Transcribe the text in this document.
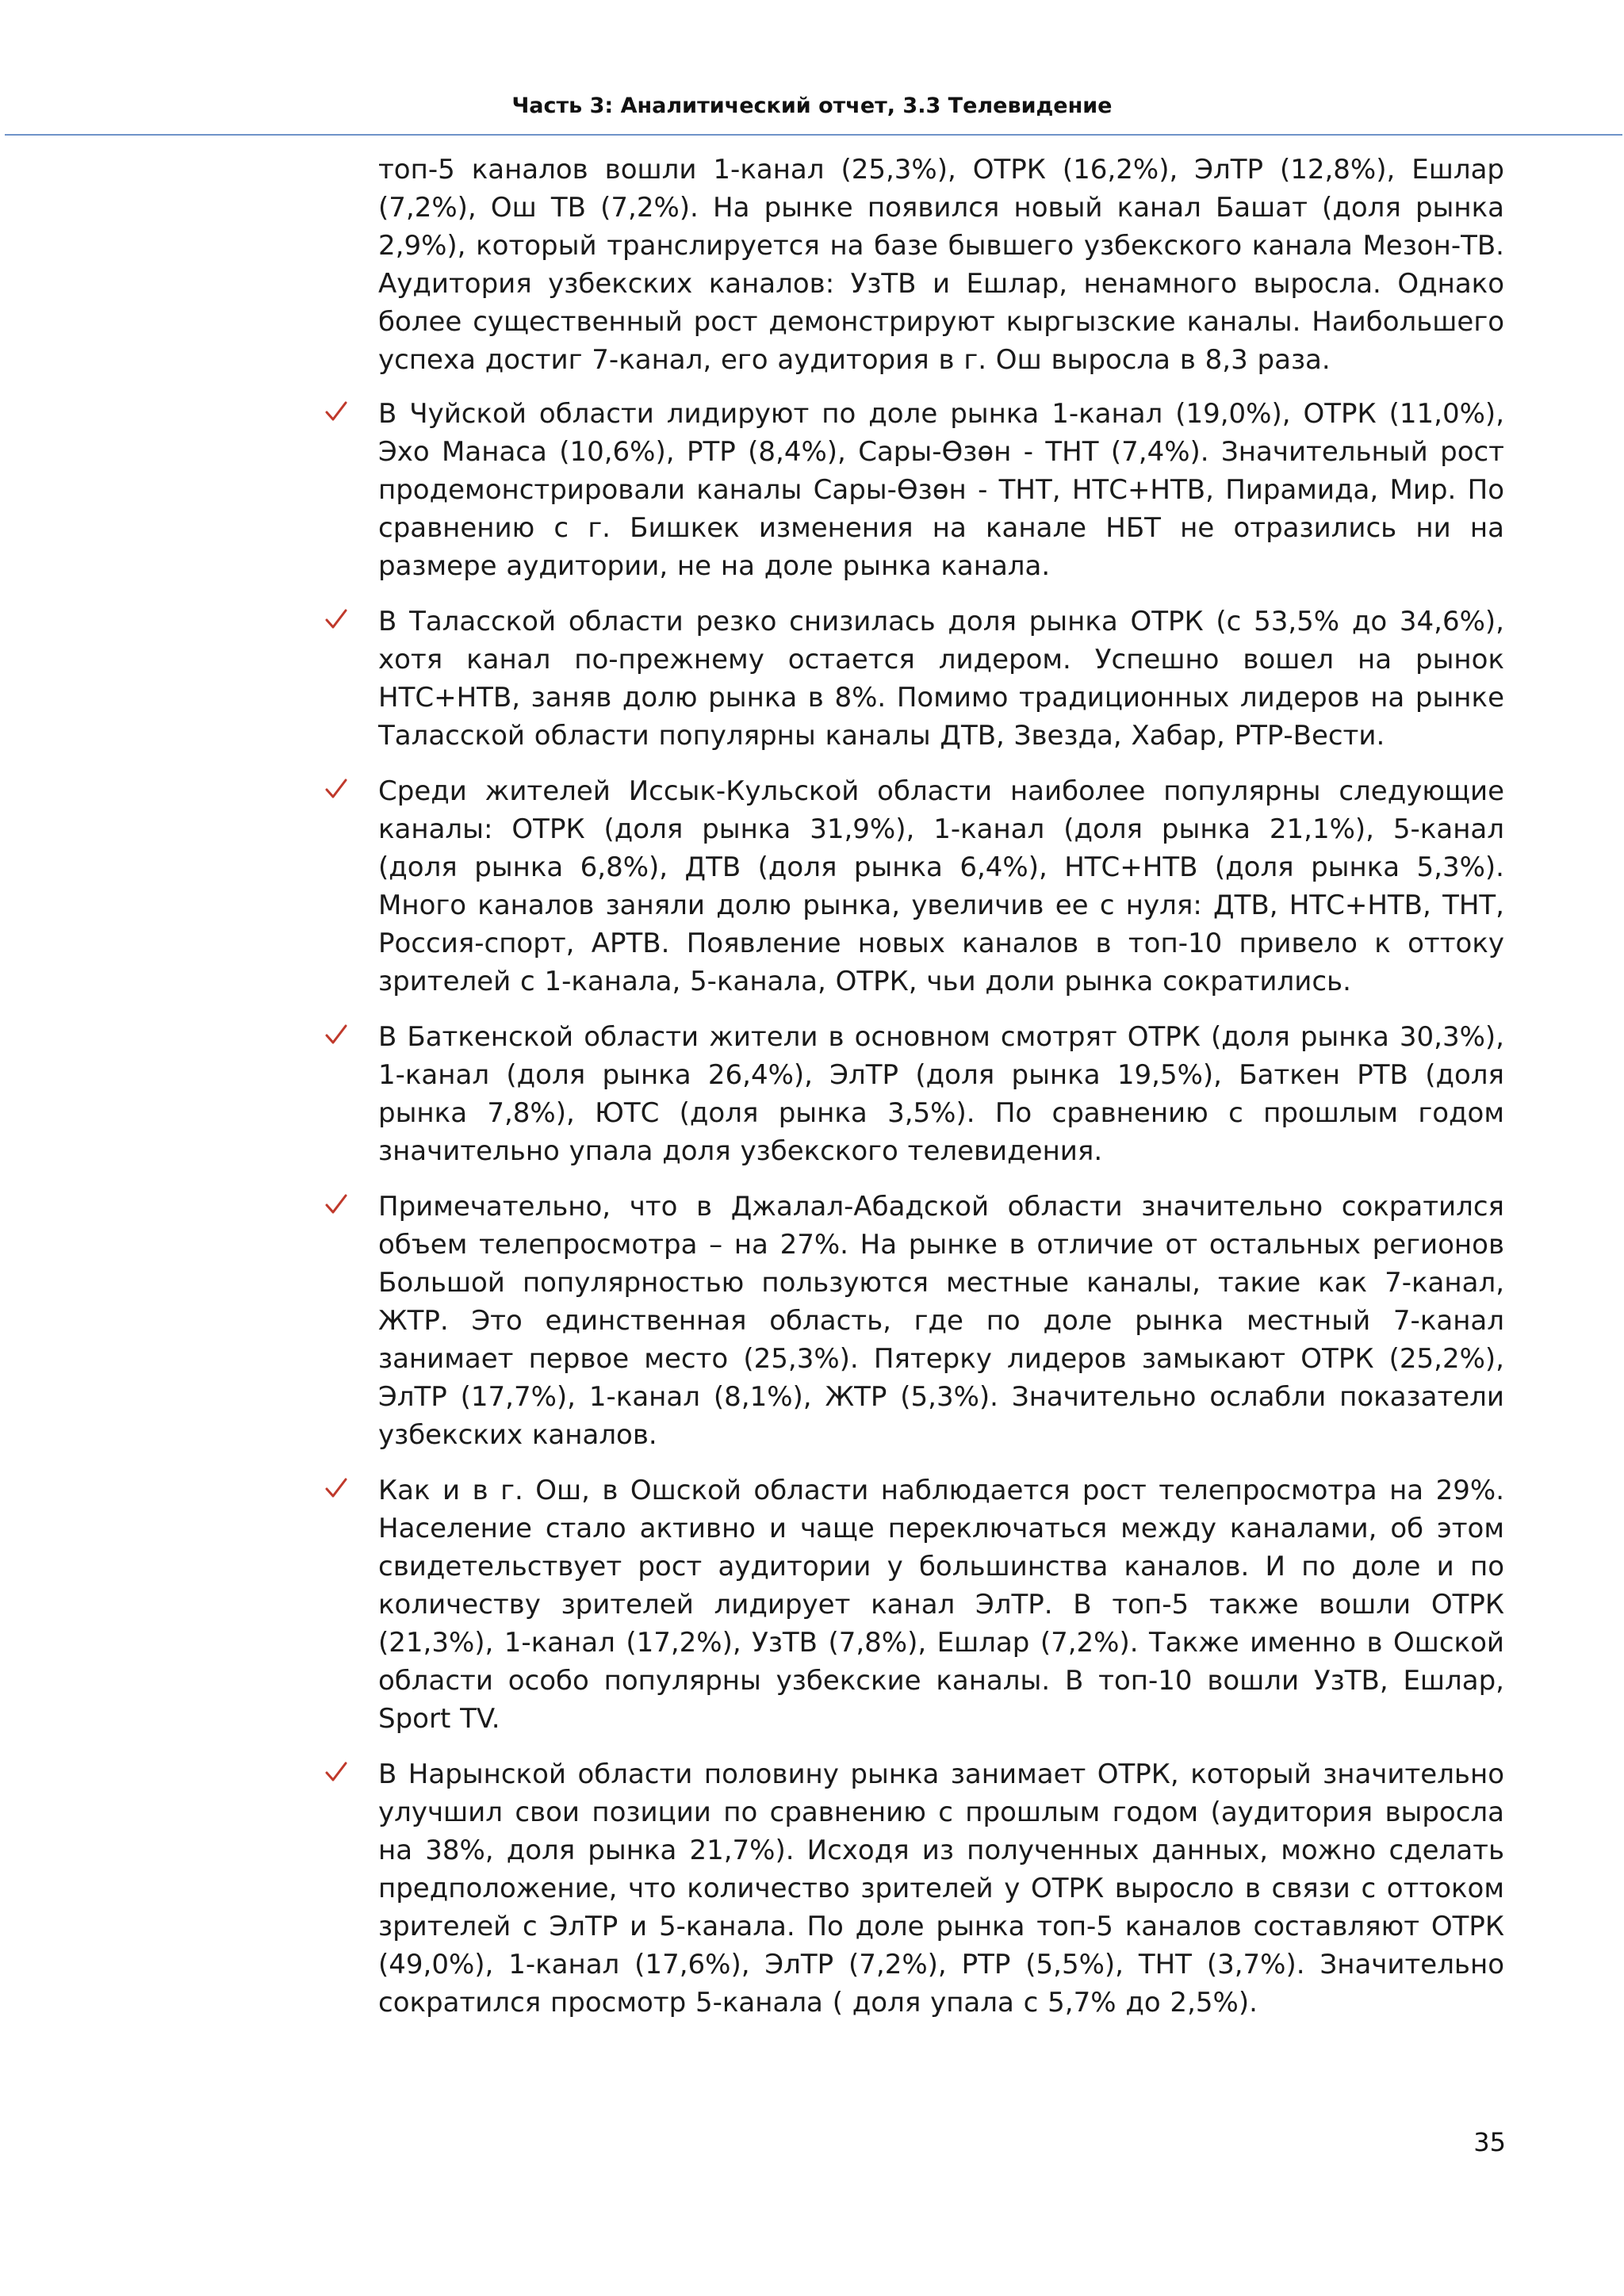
Часть 3: Аналитический отчет, 3.3 Телевидение

топ-5 каналов вошли 1-канал (25,3%), ОТРК (16,2%), ЭлТР (12,8%), Ешлар (7,2%), Ош ТВ (7,2%). На рынке появился новый канал Башат (доля рынка 2,9%), который транслируется на базе бывшего узбекского канала Мезон-ТВ. Аудитория узбекских каналов: УзТВ и Ешлар, ненамного выросла. Однако более существенный рост демонстрируют кыргызские каналы. Наибольшего успеха достиг 7-канал, его аудитория в г. Ош выросла в 8,3 раза.

В Чуйской области лидируют по доле рынка 1-канал (19,0%), ОТРК (11,0%), Эхо Манаса (10,6%), РТР (8,4%), Сары-Өзөн - ТНТ (7,4%). Значительный рост продемонстрировали каналы Сары-Өзөн - ТНТ, НТС+НТВ, Пирамида, Мир. По сравнению с г. Бишкек изменения на канале НБТ не отразились ни на размере аудитории, не на доле рынка канала.

В Таласской области резко снизилась доля рынка ОТРК (с 53,5% до 34,6%), хотя канал по-прежнему остается лидером. Успешно вошел на рынок НТС+НТВ, заняв долю рынка в 8%. Помимо традиционных лидеров на рынке Таласской области популярны каналы ДТВ, Звезда, Хабар, РТР-Вести.

Среди жителей Иссык-Кульской области наиболее популярны следующие каналы: ОТРК (доля рынка 31,9%), 1-канал (доля рынка 21,1%), 5-канал (доля рынка 6,8%), ДТВ (доля рынка 6,4%), НТС+НТВ (доля рынка 5,3%). Много каналов заняли долю рынка, увеличив ее с нуля: ДТВ, НТС+НТВ, ТНТ, Россия-спорт, АРТВ. Появление новых каналов в топ-10 привело к оттоку зрителей с 1-канала, 5-канала, ОТРК, чьи доли рынка сократились.

В Баткенской области жители в основном смотрят ОТРК (доля рынка 30,3%), 1-канал (доля рынка 26,4%), ЭлТР (доля рынка 19,5%), Баткен РТВ (доля рынка 7,8%), ЮТС (доля рынка 3,5%). По сравнению с прошлым годом значительно упала доля узбекского телевидения.

Примечательно, что в Джалал-Абадской области значительно сократился объем телепросмотра – на 27%. На рынке в отличие от остальных регионов Большой популярностью пользуются местные каналы, такие как 7-канал, ЖТР. Это единственная область, где по доле рынка местный 7-канал занимает первое место (25,3%). Пятерку лидеров замыкают ОТРК (25,2%), ЭлТР (17,7%), 1-канал (8,1%), ЖТР (5,3%). Значительно ослабли показатели узбекских каналов.

Как и в г. Ош, в Ошской области наблюдается рост телепросмотра на 29%. Население стало активно и чаще переключаться между каналами, об этом свидетельствует рост аудитории у большинства каналов. И по доле и по количеству зрителей лидирует канал ЭлТР. В топ-5 также вошли ОТРК (21,3%), 1-канал (17,2%), УзТВ (7,8%), Ешлар (7,2%). Также именно в Ошской области особо популярны узбекские каналы. В топ-10 вошли УзТВ, Ешлар, Sport TV.

В Нарынской области половину рынка занимает ОТРК, который значительно улучшил свои позиции по сравнению с прошлым годом (аудитория выросла на 38%, доля рынка 21,7%). Исходя из полученных данных, можно сделать предположение, что количество зрителей у ОТРК выросло в связи с оттоком зрителей с ЭлТР и 5-канала. По доле рынка топ-5 каналов составляют ОТРК (49,0%), 1-канал (17,6%), ЭлТР (7,2%), РТР (5,5%), ТНТ (3,7%). Значительно сократился просмотр 5-канала ( доля упала с 5,7% до 2,5%).

35
